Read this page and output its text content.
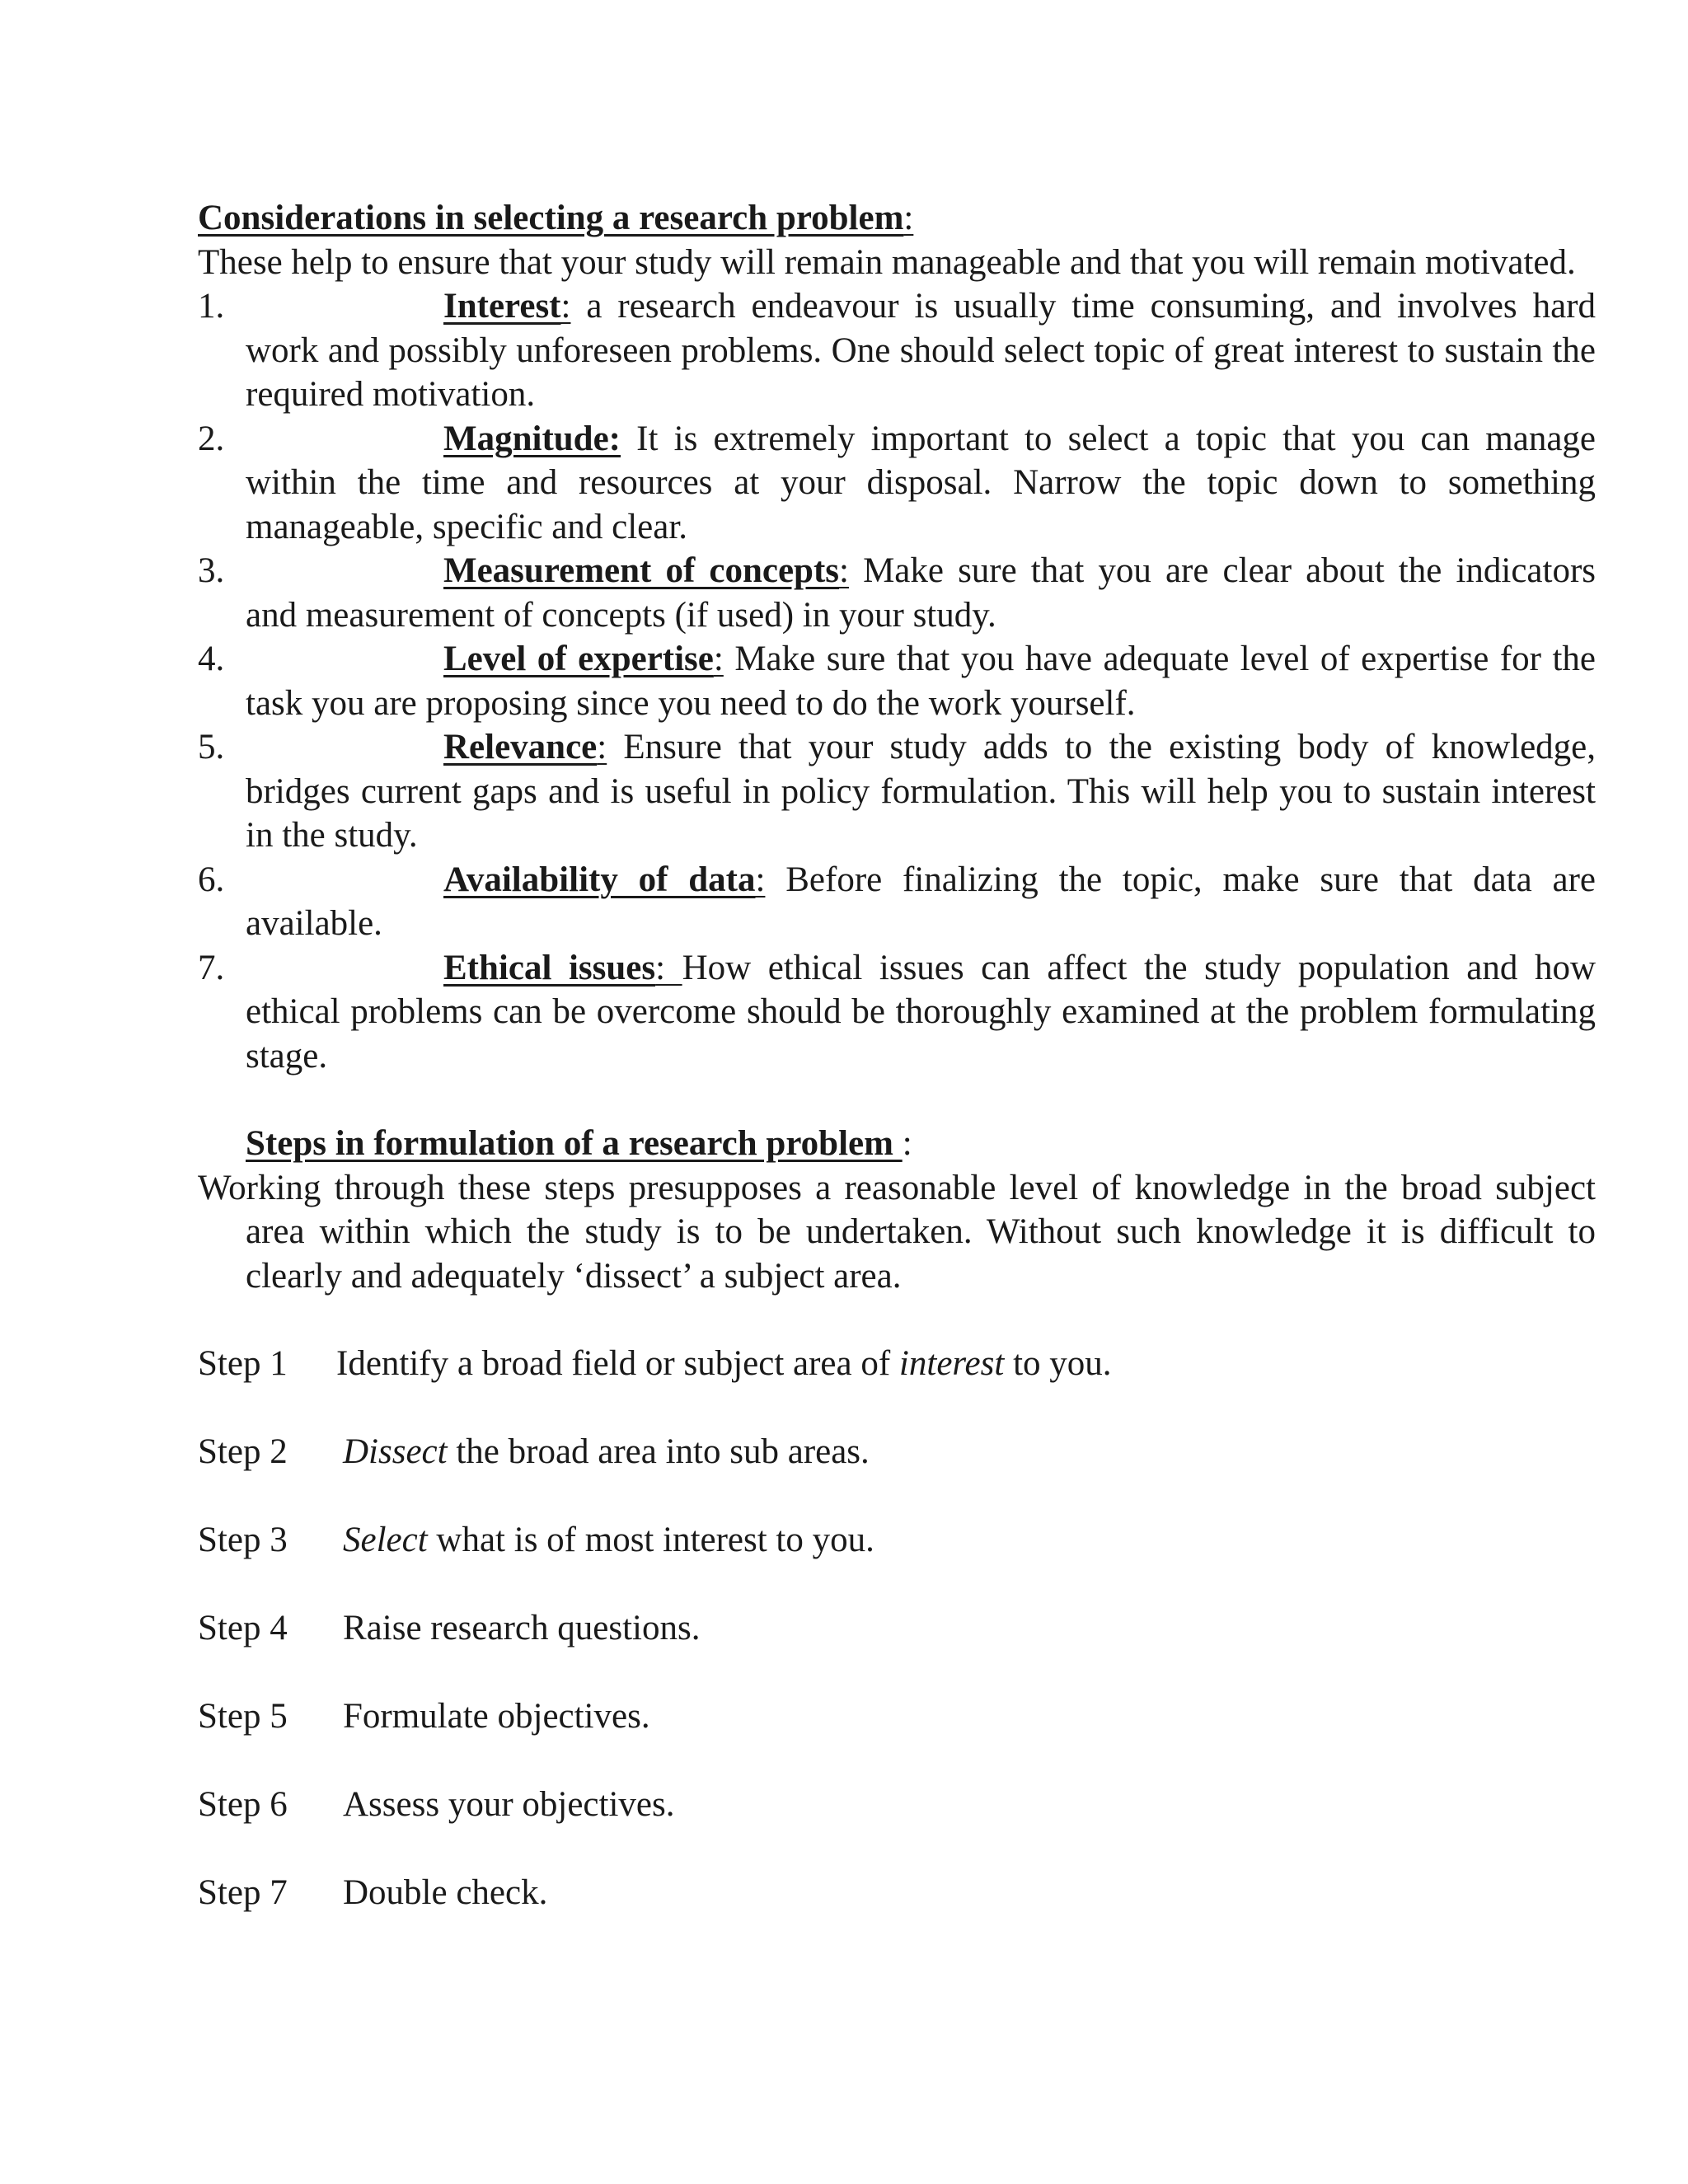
Considerations in selecting a research problem:

These help to ensure that your study will remain manageable and that you will remain motivated.

1.	Interest: a research endeavour is usually time consuming, and involves hard work and possibly unforeseen problems. One should select topic of great interest to sustain the required motivation.
2.	Magnitude: It is extremely important to select a topic that you can manage within the time and resources at your disposal. Narrow the topic down to something manageable, specific and clear.
3.	Measurement of concepts: Make sure that you are clear about the indicators and measurement of concepts (if used) in your study.
4.	Level of expertise: Make sure that you have adequate level of expertise for the task you are proposing since you need to do the work yourself.
5.	Relevance: Ensure that your study adds to the existing body of knowledge, bridges current gaps and is useful in policy formulation. This will help you to sustain interest in the study.
6.	Availability of data: Before finalizing the topic, make sure that data are available.
7.	Ethical issues: How ethical issues can affect the study population and how ethical problems can be overcome should be thoroughly examined at the problem formulating stage.

Steps in formulation of a research problem :

Working through these steps presupposes a reasonable level of knowledge in the broad subject area within which the study is to be undertaken. Without such knowledge it is difficult to clearly and adequately ‘dissect’ a subject area.

Step 1 Identify a broad field or subject area of interest to you.

Step 2 Dissect the broad area into sub areas.

Step 3 Select what is of most interest to you.

Step 4 Raise research questions.

Step 5 Formulate objectives.

Step 6 Assess your objectives.

Step 7 Double check.
